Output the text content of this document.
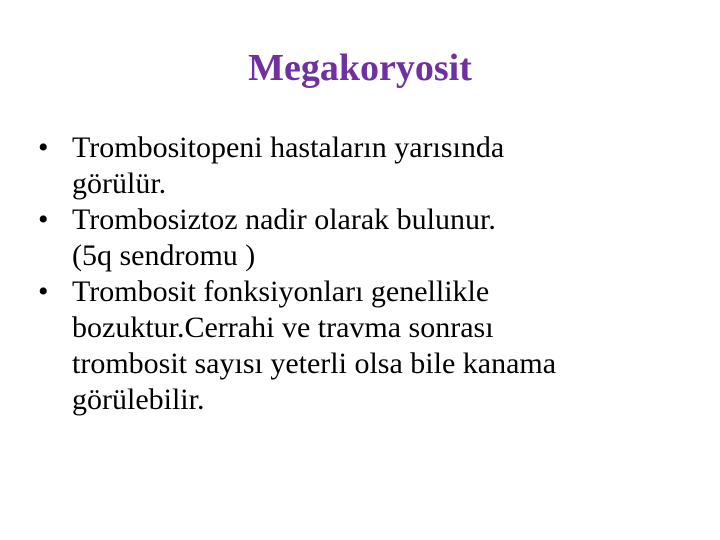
Megakoryosit
• Trombositopeni hastaların yarısında
görülür.
• Trombosiztoz nadir olarak bulunur.
(5q sendromu )
• Trombosit fonksiyonları genellikle
bozuktur.Cerrahi ve travma sonrası
trombosit sayısı yeterli olsa bile kanama
görülebilir.
